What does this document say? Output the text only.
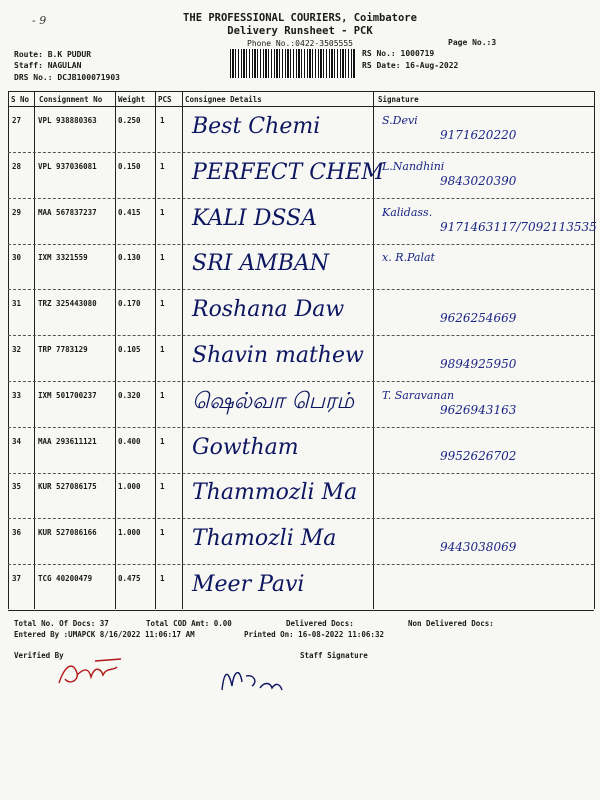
- 9	THE PROFESSIONAL COURIERS, Coimbatore
Delivery Runsheet - PCK
Phone No.:0422-3505555	Page No.:3
Route: B.K PUDUR
Staff: NAGULAN
DRS No.: DCJB100071903
RS No.: 1000719
RS Date: 16-Aug-2022
S No Consignment No Weight PCS Consignee Details	Signature
27 VPL 938880363	0.250	1 Best Chemi	S.Devi
9171620220
28 VPL 937036081	0.150	1 PERFECT CHEM
L.Nandhini
9843020390
29 MAA 567837237	0.415	1 KALI DSSA	Kalidass.
9171463117/7092113535
30 IXM 3321559	0.130	1 SRI AMBAN	x. R.Palat
31 TRZ 325443080	0.170	1 Roshana Daw	9626254669
32 TRP 7783129	0.105	1 Shavin mathew	9894925950
33 IXM 501700237	0.320	1 ஷெல்வா பெரம்	T. Saravanan
9626943163
34 MAA 293611121	0.400	1 Gowtham	9952626702
35 KUR 527086175	1.000	1 Thammozli Ma
36 KUR 527086166	1.000	1 Thamozli Ma	9443038069
37 TCG 40200479	0.475	1 Meer Pavi
Total No. Of Docs: 37	Total COD Amt: 0.00	Delivered Docs:	Non Delivered Docs:
Entered By :UMAPCK 8/16/2022 11:06:17 AM	Printed On: 16-08-2022 11:06:32
Verified By	Staff Signature
